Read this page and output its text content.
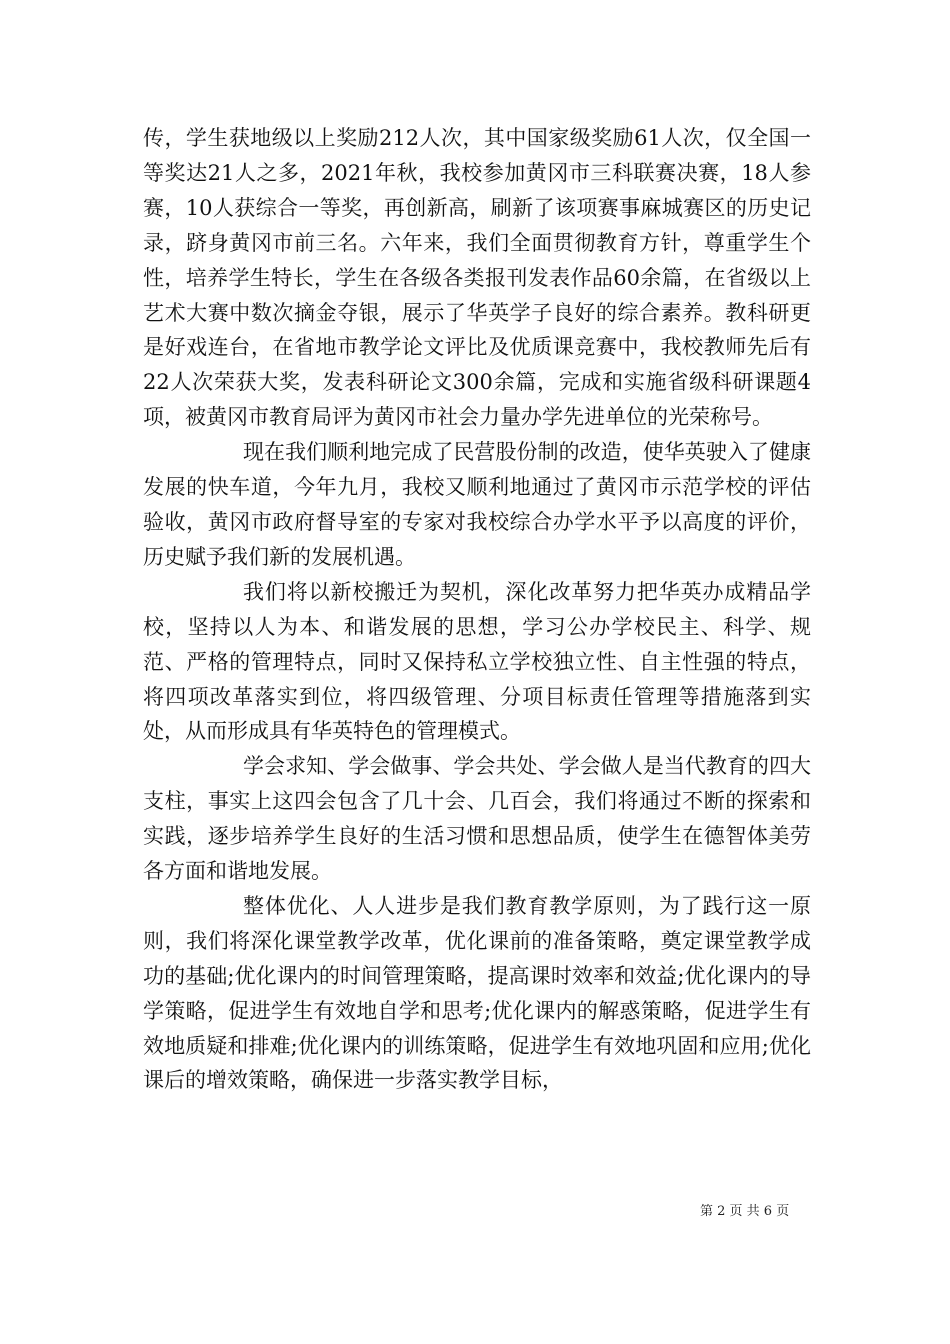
传，学生获地级以上奖励212人次，其中国家级奖励61人次，仅全国一等奖达21人之多，2021年秋，我校参加黄冈市三科联赛决赛，18人参赛，10人获综合一等奖，再创新高，刷新了该项赛事麻城赛区的历史记录，跻身黄冈市前三名。六年来，我们全面贯彻教育方针，尊重学生个性，培养学生特长，学生在各级各类报刊发表作品60余篇，在省级以上艺术大赛中数次摘金夺银，展示了华英学子良好的综合素养。教科研更是好戏连台，在省地市教学论文评比及优质课竞赛中，我校教师先后有22人次荣获大奖，发表科研论文300余篇，完成和实施省级科研课题4项，被黄冈市教育局评为黄冈市社会力量办学先进单位的光荣称号。

现在我们顺利地完成了民营股份制的改造，使华英驶入了健康发展的快车道，今年九月，我校又顺利地通过了黄冈市示范学校的评估验收，黄冈市政府督导室的专家对我校综合办学水平予以高度的评价，历史赋予我们新的发展机遇。

我们将以新校搬迁为契机，深化改革努力把华英办成精品学校，坚持以人为本、和谐发展的思想，学习公办学校民主、科学、规范、严格的管理特点，同时又保持私立学校独立性、自主性强的特点，将四项改革落实到位，将四级管理、分项目标责任管理等措施落到实处，从而形成具有华英特色的管理模式。

学会求知、学会做事、学会共处、学会做人是当代教育的四大支柱，事实上这四会包含了几十会、几百会，我们将通过不断的探索和实践，逐步培养学生良好的生活习惯和思想品质，使学生在德智体美劳各方面和谐地发展。

整体优化、人人进步是我们教育教学原则，为了践行这一原则，我们将深化课堂教学改革，优化课前的准备策略，奠定课堂教学成功的基础;优化课内的时间管理策略，提高课时效率和效益;优化课内的导学策略，促进学生有效地自学和思考;优化课内的解惑策略，促进学生有效地质疑和排难;优化课内的训练策略，促进学生有效地巩固和应用;优化课后的增效策略，确保进一步落实教学目标，

第 2 页 共 6 页
